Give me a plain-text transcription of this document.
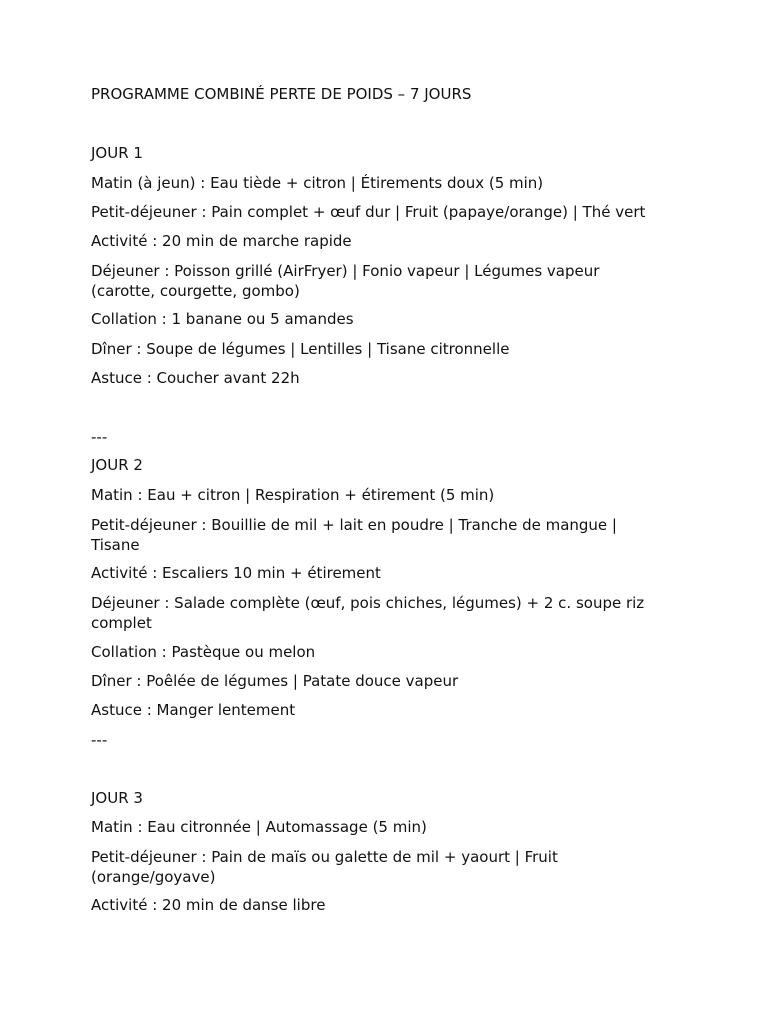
PROGRAMME COMBINÉ PERTE DE POIDS – 7 JOURS
JOUR 1
Matin (à jeun) : Eau tiède + citron | Étirements doux (5 min)
Petit-déjeuner : Pain complet + œuf dur | Fruit (papaye/orange) | Thé vert
Activité : 20 min de marche rapide
Déjeuner : Poisson grillé (AirFryer) | Fonio vapeur | Légumes vapeur
(carotte, courgette, gombo)
Collation : 1 banane ou 5 amandes
Dîner : Soupe de légumes | Lentilles | Tisane citronnelle
Astuce : Coucher avant 22h
---
JOUR 2
Matin : Eau + citron | Respiration + étirement (5 min)
Petit-déjeuner : Bouillie de mil + lait en poudre | Tranche de mangue |
Tisane
Activité : Escaliers 10 min + étirement
Déjeuner : Salade complète (œuf, pois chiches, légumes) + 2 c. soupe riz
complet
Collation : Pastèque ou melon
Dîner : Poêlée de légumes | Patate douce vapeur
Astuce : Manger lentement
---
JOUR 3
Matin : Eau citronnée | Automassage (5 min)
Petit-déjeuner : Pain de maïs ou galette de mil + yaourt | Fruit
(orange/goyave)
Activité : 20 min de danse libre
